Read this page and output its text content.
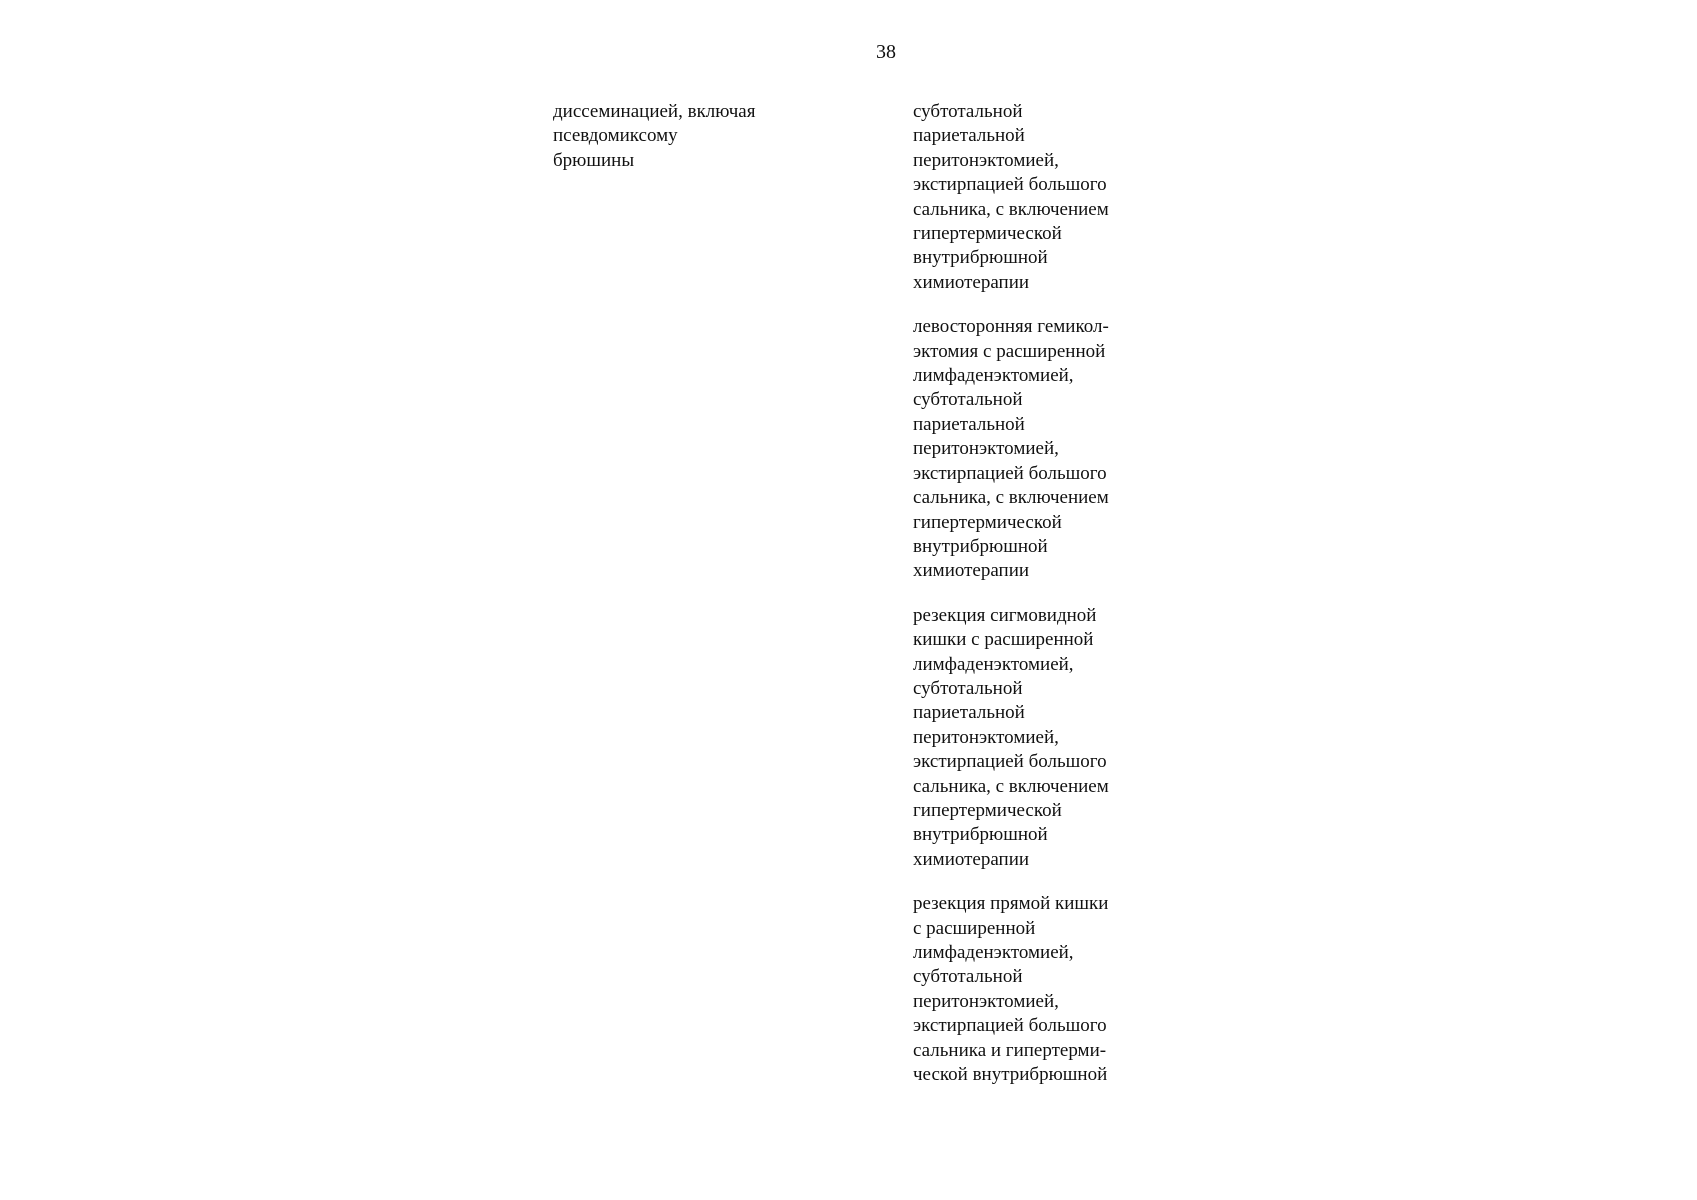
38
диссеминацией, включая
псевдомиксому
брюшины
субтотальной
париетальной
перитонэктомией,
экстирпацией большого
сальника, с включением
гипертермической
внутрибрюшной
химиотерапии
левосторонняя гемикол-
эктомия с расширенной
лимфаденэктомией,
субтотальной
париетальной
перитонэктомией,
экстирпацией большого
сальника, с включением
гипертермической
внутрибрюшной
химиотерапии
резекция сигмовидной
кишки с расширенной
лимфаденэктомией,
субтотальной
париетальной
перитонэктомией,
экстирпацией большого
сальника, с включением
гипертермической
внутрибрюшной
химиотерапии
резекция прямой кишки
с расширенной
лимфаденэктомией,
субтотальной
перитонэктомией,
экстирпацией большого
сальника и гипертерми-
ческой внутрибрюшной
